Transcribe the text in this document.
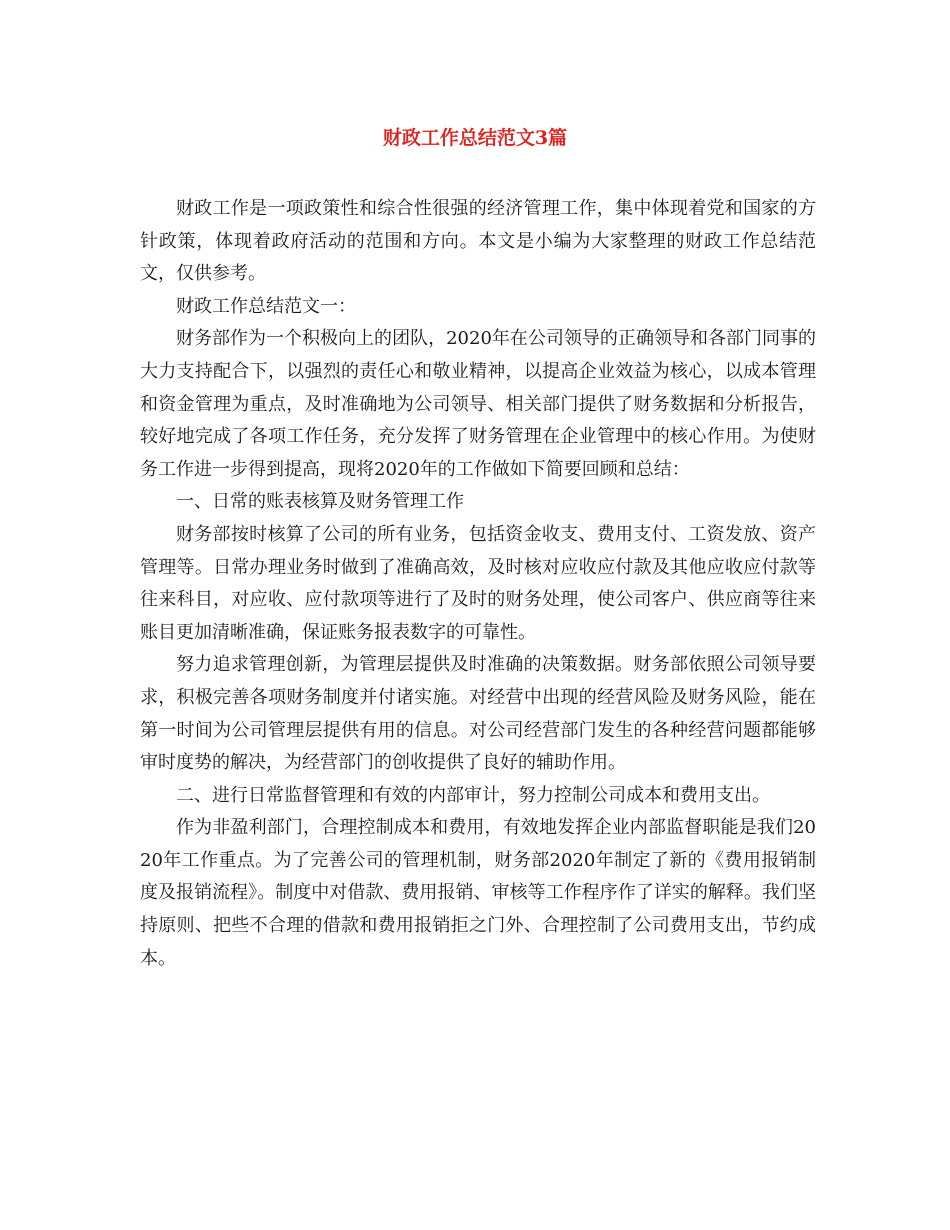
财政工作总结范文3篇

财政工作是一项政策性和综合性很强的经济管理工作，集中体现着党和国家的方针政策，体现着政府活动的范围和方向。本文是小编为大家整理的财政工作总结范文，仅供参考。

财政工作总结范文一：

财务部作为一个积极向上的团队，2020年在公司领导的正确领导和各部门同事的大力支持配合下，以强烈的责任心和敬业精神，以提高企业效益为核心，以成本管理和资金管理为重点，及时准确地为公司领导、相关部门提供了财务数据和分析报告，较好地完成了各项工作任务，充分发挥了财务管理在企业管理中的核心作用。为使财务工作进一步得到提高，现将2020年的工作做如下简要回顾和总结：

一、日常的账表核算及财务管理工作

财务部按时核算了公司的所有业务，包括资金收支、费用支付、工资发放、资产管理等。日常办理业务时做到了准确高效，及时核对应收应付款及其他应收应付款等往来科目，对应收、应付款项等进行了及时的财务处理，使公司客户、供应商等往来账目更加清晰准确，保证账务报表数字的可靠性。

努力追求管理创新，为管理层提供及时准确的决策数据。财务部依照公司领导要求，积极完善各项财务制度并付诸实施。对经营中出现的经营风险及财务风险，能在第一时间为公司管理层提供有用的信息。对公司经营部门发生的各种经营问题都能够审时度势的解决，为经营部门的创收提供了良好的辅助作用。

二、进行日常监督管理和有效的内部审计，努力控制公司成本和费用支出。

作为非盈利部门，合理控制成本和费用，有效地发挥企业内部监督职能是我们2020年工作重点。为了完善公司的管理机制，财务部2020年制定了新的《费用报销制度及报销流程》。制度中对借款、费用报销、审核等工作程序作了详实的解释。我们坚持原则、把些不合理的借款和费用报销拒之门外、合理控制了公司费用支出，节约成本。
